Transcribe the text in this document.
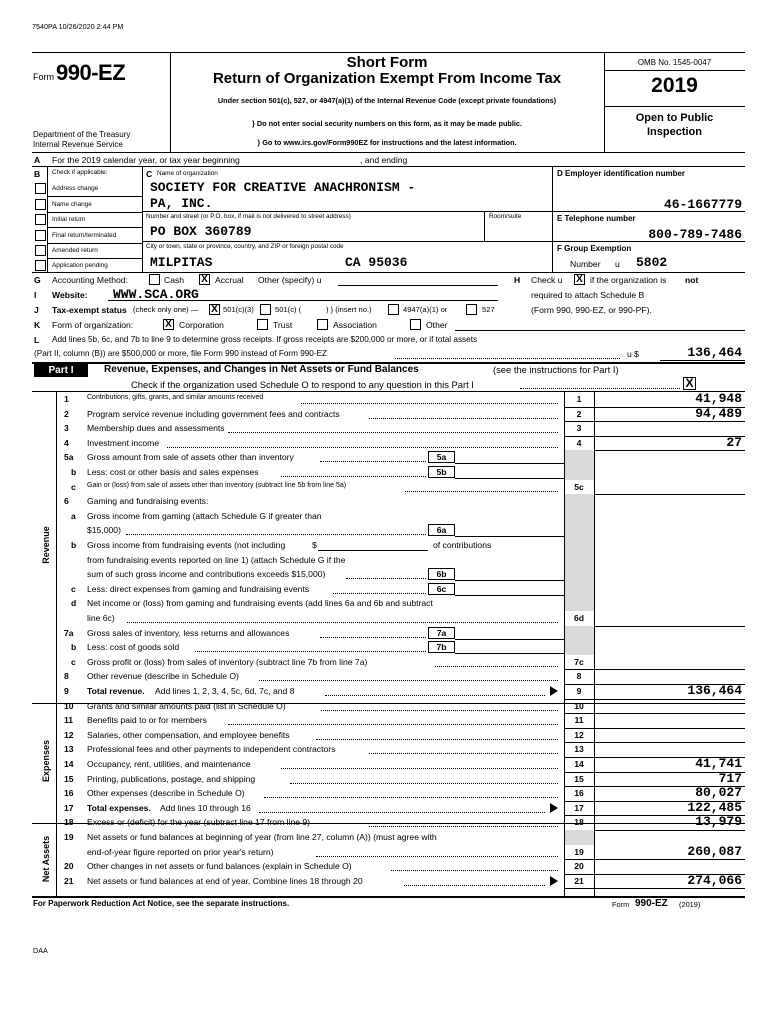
7540PA 10/26/2020 2:44 PM
Form 990-EZ	Short Form
Return of Organization Exempt From Income Tax
Under section 501(c), 527, or 4947(a)(1) of the Internal Revenue Code (except private foundations)
} Do not enter social security numbers on this form, as it may be made public.
} Go to www.irs.gov/Form990EZ for instructions and the latest information.
Department of the Treasury
Internal Revenue Service
OMB No. 1545-0047
2019
Open to Public
Inspection
A For the 2019 calendar year, or tax year beginning	, and ending
B Check if applicable:
Address change
Name change
Initial return
Final return/terminated
Amended return
Application pending
C Name of organization
SOCIETY FOR CREATIVE ANACHRONISM -
PA, INC.
Number and street (or P.O. box, if mail is not delivered to street address)	Room/suite
PO BOX 360789
City or town, state or province, country, and ZIP or foreign postal code
MILPITAS	CA 95036
D Employer identification number
46-1667779
E Telephone number
800-789-7486
F Group Exemption
Number u 5802
G Accounting Method:	Cash X Accrual Other (specify) u	H Check u X if the organization is not
required to attach Schedule B
(Form 990, 990-EZ, or 990-PF).
I Website: WWW.SCA.ORG
J Tax-exempt status (check only one) — X 501(c)(3)	501(c) (	) } (insert no.)	4947(a)(1) or	527
K Form of organization:	X Corporation	Trust	Association	Other
L Add lines 5b, 6c, and 7b to line 9 to determine gross receipts. If gross receipts are $200,000 or more, or if total assets
(Part II, column (B)) are $500,000 or more, file Form 990 instead of Form 990-EZ	u $	136,464
Part I	Revenue, Expenses, and Changes in Net Assets or Fund Balances	(see the instructions for Part I)
Check if the organization used Schedule O to respond to any question in this Part I	X
Revenue
Expenses
Net Assets
1	Contributions, gifts, grants, and similar amounts received	1	41,948
2 Program service revenue including government fees and contracts	2	94,489
3 Membership dues and assessments	3
4 Investment income	4	27
5a Gross amount from sale of assets other than inventory	5a
b Less: cost or other basis and sales expenses	5b
c Gain or (loss) from sale of assets other than inventory (subtract line 5b from line 5a)	5c
6 Gaming and fundraising events:
a Gross income from gaming (attach Schedule G if greater than
$15,000)	6a
b Gross income from fundraising events (not including	$	of contributions
from fundraising events reported on line 1) (attach Schedule G if the
sum of such gross income and contributions exceeds $15,000)	6b
c Less: direct expenses from gaming and fundraising events	6c
d Net income or (loss) from gaming and fundraising events (add lines 6a and 6b and subtract
line 6c)	6d
7a Gross sales of inventory, less returns and allowances	7a
b Less: cost of goods sold	7b
c Gross profit or (loss) from sales of inventory (subtract line 7b from line 7a)	7c
8 Other revenue (describe in Schedule O)	8
9 Total revenue. Add lines 1, 2, 3, 4, 5c, 6d, 7c, and 8	9	136,464
10 Grants and similar amounts paid (list in Schedule O)	10
11 Benefits paid to or for members	11
12 Salaries, other compensation, and employee benefits	12
13 Professional fees and other payments to independent contractors	13
14 Occupancy, rent, utilities, and maintenance	14	41,741
15 Printing, publications, postage, and shipping	15	717
16 Other expenses (describe in Schedule O)	16	80,027
17 Total expenses. Add lines 10 through 16	17	122,485
18 Excess or (deficit) for the year (subtract line 17 from line 9)	18	13,979
19 Net assets or fund balances at beginning of year (from line 27, column (A)) (must agree with
end-of-year figure reported on prior year's return)	19	260,087
20 Other changes in net assets or fund balances (explain in Schedule O)	20
21 Net assets or fund balances at end of year. Combine lines 18 through 20	21	274,066
For Paperwork Reduction Act Notice, see the separate instructions.	Form 990-EZ (2019)
DAA
